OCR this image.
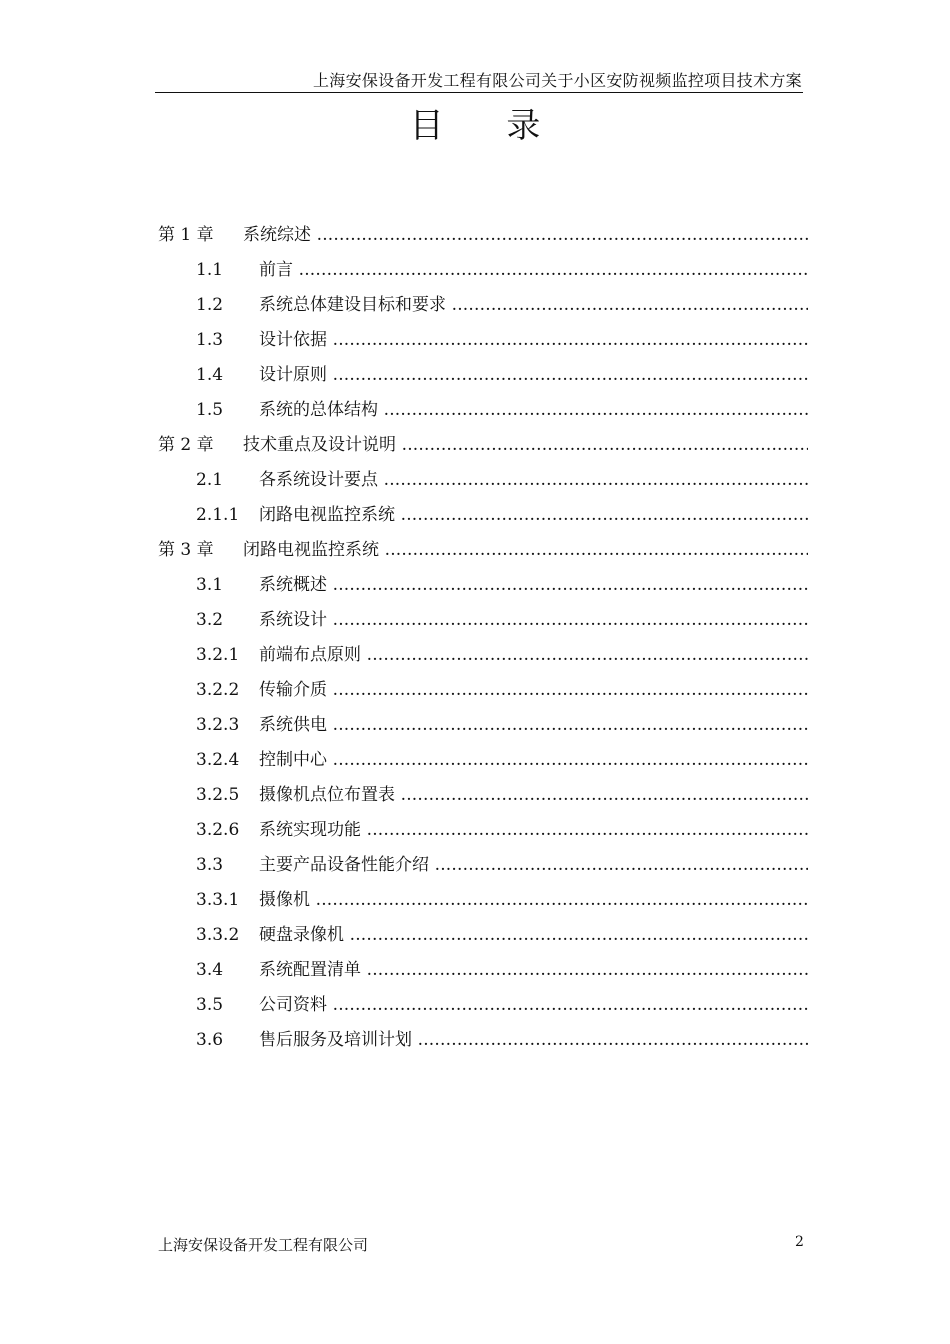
上海安保设备开发工程有限公司关于小区安防视频监控项目技术方案
目 录
第 1 章 系统综述 .....
1.1 前言 .....
1.2 系统总体建设目标和要求 .....
1.3 设计依据 .....
1.4 设计原则 .....
1.5 系统的总体结构 .....
第 2 章 技术重点及设计说明 .....
2.1 各系统设计要点 .....
2.1.1 闭路电视监控系统 .....
第 3 章 闭路电视监控系统 .....
3.1 系统概述 .....
3.2 系统设计 .....
3.2.1 前端布点原则 .....
3.2.2 传输介质 .....
3.2.3 系统供电 .....
3.2.4 控制中心 .....
3.2.5 摄像机点位布置表 .....
3.2.6 系统实现功能 .....
3.3 主要产品设备性能介绍 .....
3.3.1 摄像机 .....
3.3.2 硬盘录像机 .....
3.4 系统配置清单 .....
3.5 公司资料 .....
3.6 售后服务及培训计划 .....
上海安保设备开发工程有限公司	2
